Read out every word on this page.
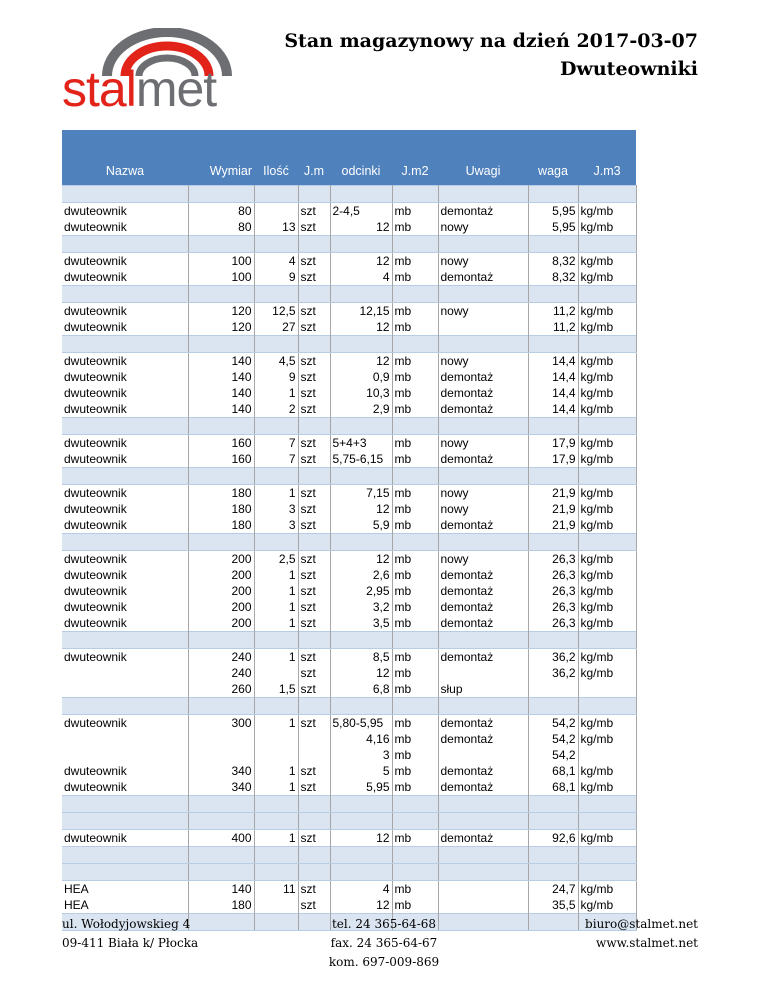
stalmet
Stan magazynowy na dzień 2017-03-07
Dwuteowniki

Nazwa	Wymiar	Ilość	J.m	odcinki	J.m2	Uwagi	waga	J.m3

dwuteownik	80		szt	2-4,5	mb	demontaż	5,95	kg/mb
dwuteownik	80	13	szt	12	mb	nowy	5,95	kg/mb

dwuteownik	100	4	szt	12	mb	nowy	8,32	kg/mb
dwuteownik	100	9	szt	4	mb	demontaż	8,32	kg/mb

dwuteownik	120	12,5	szt	12,15	mb	nowy	11,2	kg/mb
dwuteownik	120	27	szt	12	mb		11,2	kg/mb

dwuteownik	140	4,5	szt	12	mb	nowy	14,4	kg/mb
dwuteownik	140	9	szt	0,9	mb	demontaż	14,4	kg/mb
dwuteownik	140	1	szt	10,3	mb	demontaż	14,4	kg/mb
dwuteownik	140	2	szt	2,9	mb	demontaż	14,4	kg/mb

dwuteownik	160	7	szt	5+4+3	mb	nowy	17,9	kg/mb
dwuteownik	160	7	szt	5,75-6,15	mb	demontaż	17,9	kg/mb

dwuteownik	180	1	szt	7,15	mb	nowy	21,9	kg/mb
dwuteownik	180	3	szt	12	mb	nowy	21,9	kg/mb
dwuteownik	180	3	szt	5,9	mb	demontaż	21,9	kg/mb

dwuteownik	200	2,5	szt	12	mb	nowy	26,3	kg/mb
dwuteownik	200	1	szt	2,6	mb	demontaż	26,3	kg/mb
dwuteownik	200	1	szt	2,95	mb	demontaż	26,3	kg/mb
dwuteownik	200	1	szt	3,2	mb	demontaż	26,3	kg/mb
dwuteownik	200	1	szt	3,5	mb	demontaż	26,3	kg/mb

dwuteownik	240	1	szt	8,5	mb	demontaż	36,2	kg/mb
	240		szt	12	mb		36,2	kg/mb
	260	1,5	szt	6,8	mb	słup		

dwuteownik	300	1	szt	5,80-5,95	mb	demontaż	54,2	kg/mb
				4,16	mb	demontaż	54,2	kg/mb
				3	mb		54,2	
dwuteownik	340	1	szt	5	mb	demontaż	68,1	kg/mb
dwuteownik	340	1	szt	5,95	mb	demontaż	68,1	kg/mb

dwuteownik	400	1	szt	12	mb	demontaż	92,6	kg/mb

HEA	140	11	szt	4	mb		24,7	kg/mb
HEA	180		szt	12	mb		35,5	kg/mb

ul. Wołodyjowskieg 4
09-411 Biała k/ Płocka
tel. 24 365-64-68
fax. 24 365-64-67
kom. 697-009-869
biuro@stalmet.net
www.stalmet.net
